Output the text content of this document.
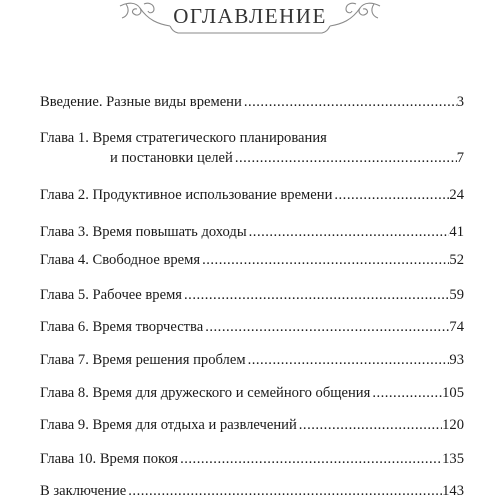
ОГЛАВЛЕНИЕ
Введение. Разные виды времени .....	3
Глава 1. Время стратегического планирования
и постановки целей .....	7
Глава 2. Продуктивное использование времени .....	24
Глава 3. Время повышать доходы .....	41
Глава 4. Свободное время .....	52
Глава 5. Рабочее время .....	59
Глава 6. Время творчества .....	74
Глава 7. Время решения проблем .....	93
Глава 8. Время для дружеского и семейного общения .....	105
Глава 9. Время для отдыха и развлечений .....	120
Глава 10. Время покоя .....	135
В заключение .....	143
